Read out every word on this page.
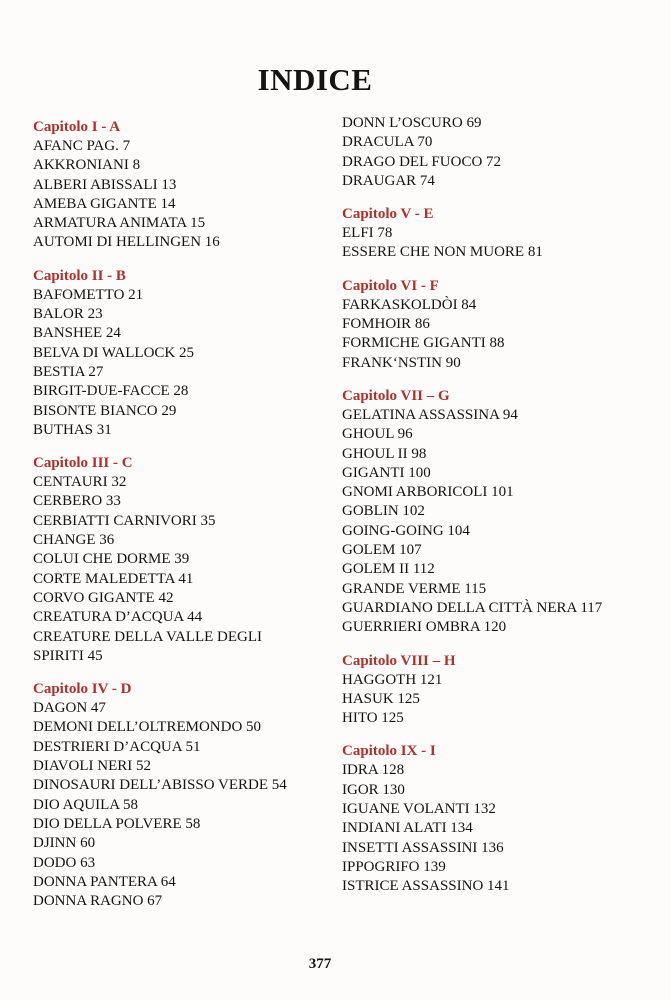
INDICE
Capitolo I - A
AFANC PAG. 7
AKKRONIANI 8
ALBERI ABISSALI 13
AMEBA GIGANTE 14
ARMATURA ANIMATA 15
AUTOMI DI HELLINGEN 16
Capitolo II - B
BAFOMETTO 21
BALOR 23
BANSHEE 24
BELVA DI WALLOCK 25
BESTIA 27
BIRGIT-DUE-FACCE 28
BISONTE BIANCO 29
BUTHAS 31
Capitolo III - C
CENTAURI 32
CERBERO 33
CERBIATTI CARNIVORI 35
CHANGE 36
COLUI CHE DORME 39
CORTE MALEDETTA 41
CORVO GIGANTE 42
CREATURA D’ACQUA 44
CREATURE DELLA VALLE DEGLI
SPIRITI 45
Capitolo IV - D
DAGON 47
DEMONI DELL’OLTREMONDO 50
DESTRIERI D’ACQUA 51
DIAVOLI NERI 52
DINOSAURI DELL’ABISSO VERDE 54
DIO AQUILA 58
DIO DELLA POLVERE 58
DJINN 60
DODO 63
DONNA PANTERA 64
DONNA RAGNO 67
DONN L’OSCURO 69
DRACULA 70
DRAGO DEL FUOCO 72
DRAUGAR 74
Capitolo V - E
ELFI 78
ESSERE CHE NON MUORE 81
Capitolo VI - F
FARKASKOLDÒI 84
FOMHOIR 86
FORMICHE GIGANTI 88
FRANK‘NSTIN 90
Capitolo VII – G
GELATINA ASSASSINA 94
GHOUL 96
GHOUL II 98
GIGANTI 100
GNOMI ARBORICOLI 101
GOBLIN 102
GOING-GOING 104
GOLEM 107
GOLEM II 112
GRANDE VERME 115
GUARDIANO DELLA CITTÀ NERA 117
GUERRIERI OMBRA 120
Capitolo VIII – H
HAGGOTH 121
HASUK 125
HITO 125
Capitolo IX - I
IDRA 128
IGOR 130
IGUANE VOLANTI 132
INDIANI ALATI 134
INSETTI ASSASSINI 136
IPPOGRIFO 139
ISTRICE ASSASSINO 141
377
